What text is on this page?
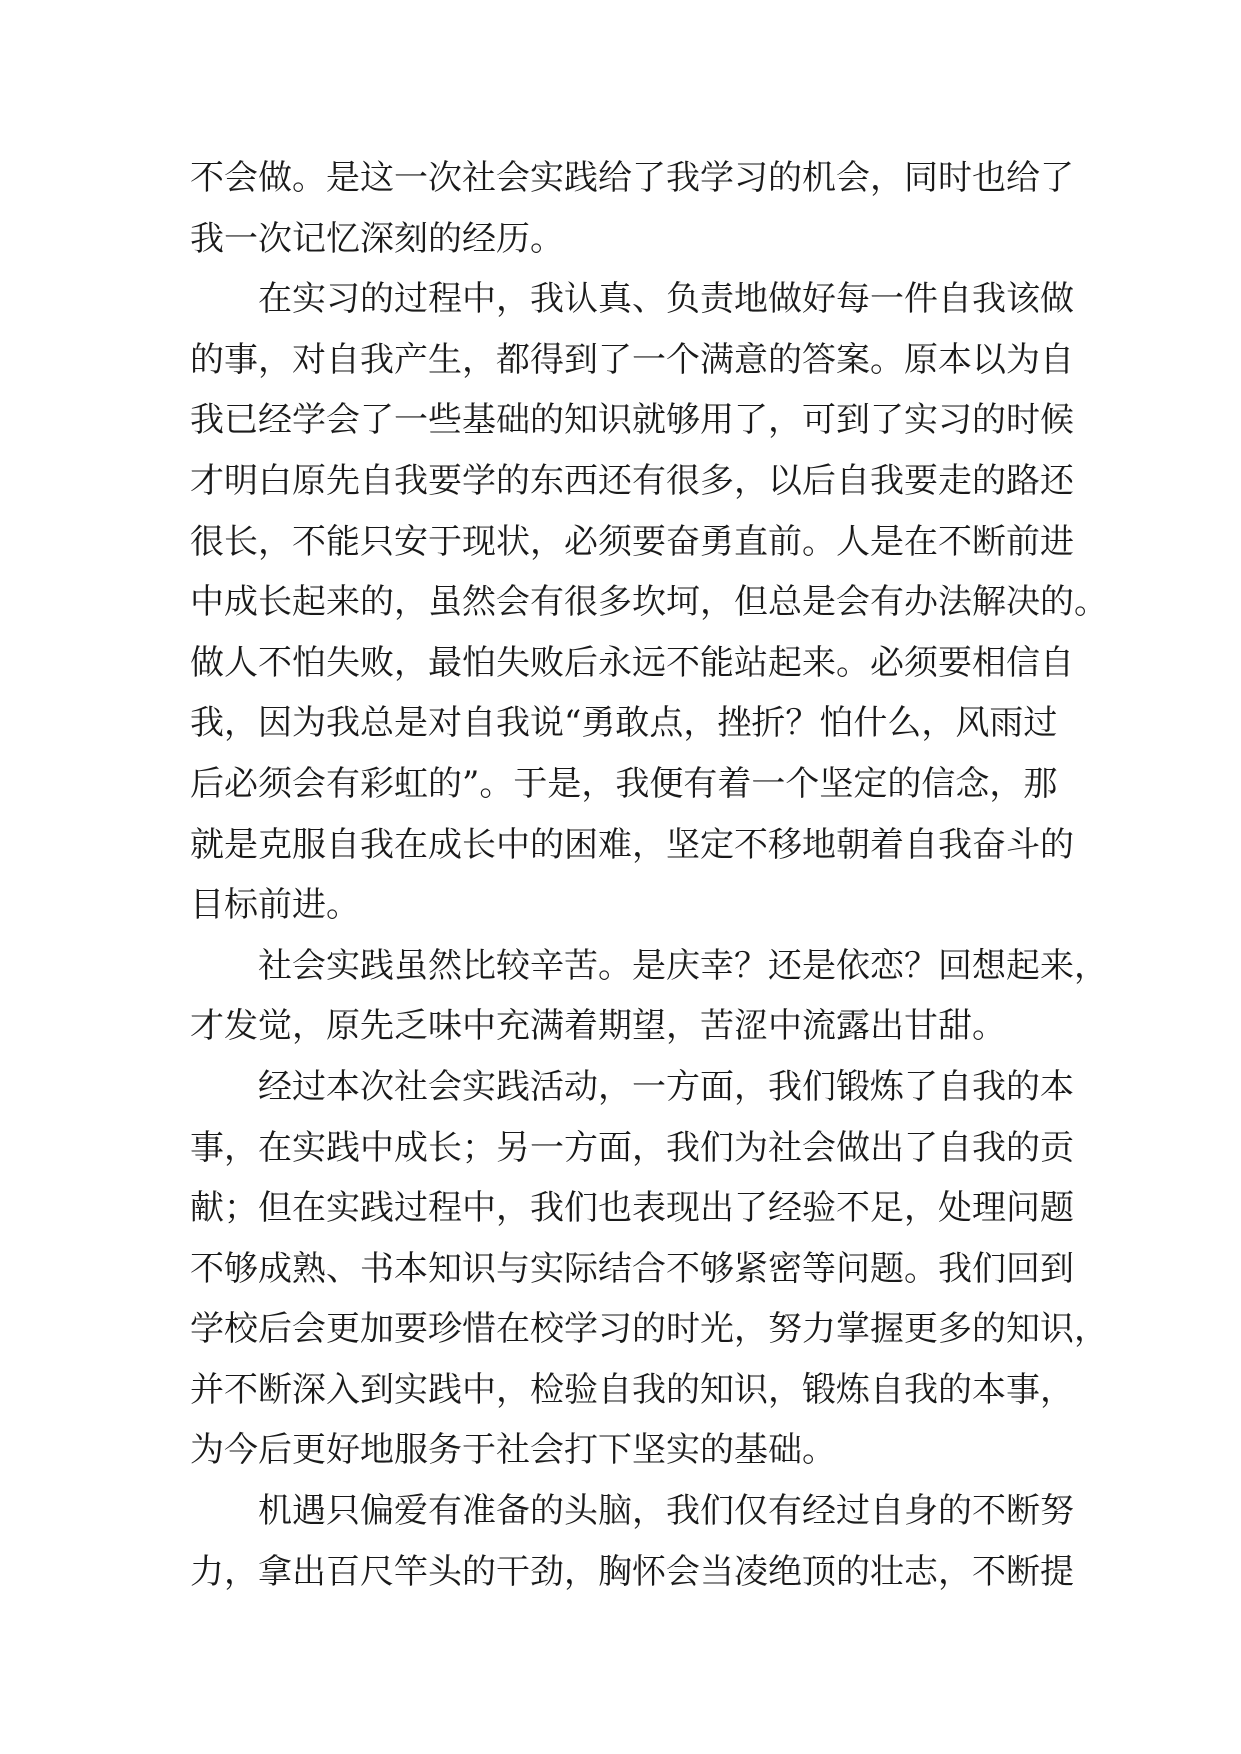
不会做。是这一次社会实践给了我学习的机会，同时也给了
我一次记忆深刻的经历。
在实习的过程中，我认真、负责地做好每一件自我该做
的事，对自我产生，都得到了一个满意的答案。原本以为自
我已经学会了一些基础的知识就够用了，可到了实习的时候
才明白原先自我要学的东西还有很多，以后自我要走的路还
很长，不能只安于现状，必须要奋勇直前。人是在不断前进
中成长起来的，虽然会有很多坎坷，但总是会有办法解决的。
做人不怕失败，最怕失败后永远不能站起来。必须要相信自
我，因为我总是对自我说“勇敢点，挫折？怕什么，风雨过
后必须会有彩虹的”。于是，我便有着一个坚定的信念，那
就是克服自我在成长中的困难，坚定不移地朝着自我奋斗的
目标前进。
社会实践虽然比较辛苦。是庆幸？还是依恋？回想起来，
才发觉，原先乏味中充满着期望，苦涩中流露出甘甜。
经过本次社会实践活动，一方面，我们锻炼了自我的本
事，在实践中成长；另一方面，我们为社会做出了自我的贡
献；但在实践过程中，我们也表现出了经验不足，处理问题
不够成熟、书本知识与实际结合不够紧密等问题。我们回到
学校后会更加要珍惜在校学习的时光，努力掌握更多的知识，
并不断深入到实践中，检验自我的知识，锻炼自我的本事，
为今后更好地服务于社会打下坚实的基础。
机遇只偏爱有准备的头脑，我们仅有经过自身的不断努
力，拿出百尺竿头的干劲，胸怀会当凌绝顶的壮志，不断提
